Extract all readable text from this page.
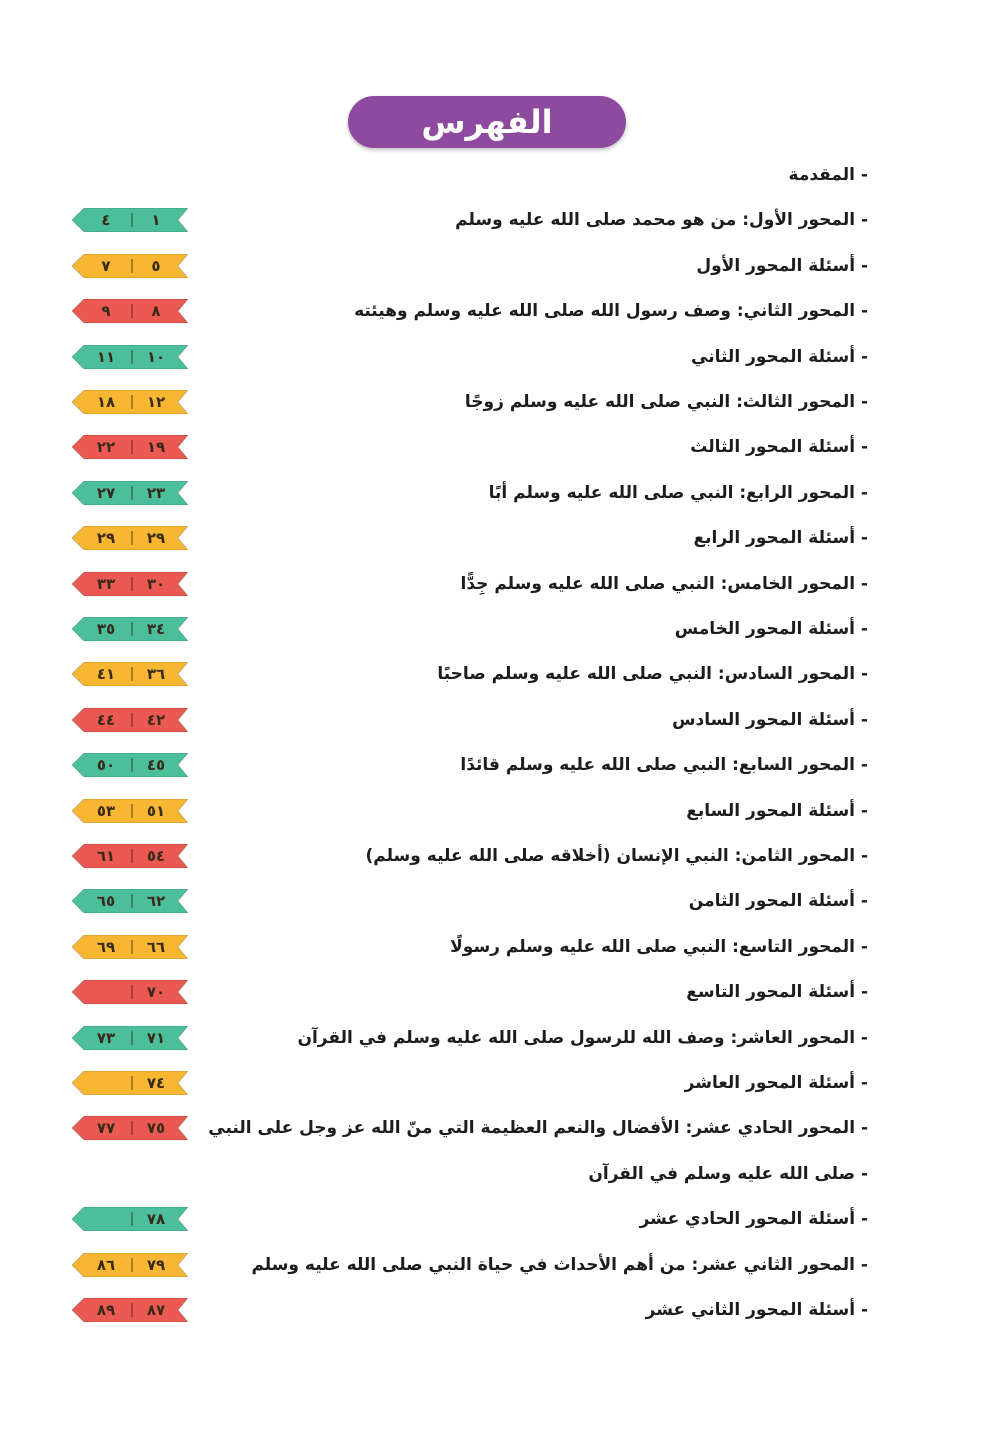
الفهرس
- المقدمة
- المحور الأول: من هو محمد صلى الله عليه وسلم
١
٤
- أسئلة المحور الأول
٥
٧
- المحور الثاني: وصف رسول الله صلى الله عليه وسلم وهيئته
٨
٩
- أسئلة المحور الثاني
١٠
١١
- المحور الثالث: النبي صلى الله عليه وسلم زوجًا
١٢
١٨
- أسئلة المحور الثالث
١٩
٢٢
- المحور الرابع: النبي صلى الله عليه وسلم أبًا
٢٣
٢٧
- أسئلة المحور الرابع
٢٩
٢٩
- المحور الخامس: النبي صلى الله عليه وسلم جِدًّا
٣٠
٣٣
- أسئلة المحور الخامس
٣٤
٣٥
- المحور السادس: النبي صلى الله عليه وسلم صاحبًا
٣٦
٤١
- أسئلة المحور السادس
٤٢
٤٤
- المحور السابع: النبي صلى الله عليه وسلم قائدًا
٤٥
٥٠
- أسئلة المحور السابع
٥١
٥٣
- المحور الثامن: النبي الإنسان (أخلاقه صلى الله عليه وسلم)
٥٤
٦١
- أسئلة المحور الثامن
٦٢
٦٥
- المحور التاسع: النبي صلى الله عليه وسلم رسولًا
٦٦
٦٩
- أسئلة المحور التاسع
٧٠
- المحور العاشر: وصف الله للرسول صلى الله عليه وسلم في القرآن
٧١
٧٣
- أسئلة المحور العاشر
٧٤
- المحور الحادي عشر: الأفضال والنعم العظيمة التي منّ الله عز وجل على النبي
٧٥
٧٧
- صلى الله عليه وسلم في القرآن
- أسئلة المحور الحادي عشر
٧٨
- المحور الثاني عشر: من أهم الأحداث في حياة النبي صلى الله عليه وسلم
٧٩
٨٦
- أسئلة المحور الثاني عشر
٨٧
٨٩
